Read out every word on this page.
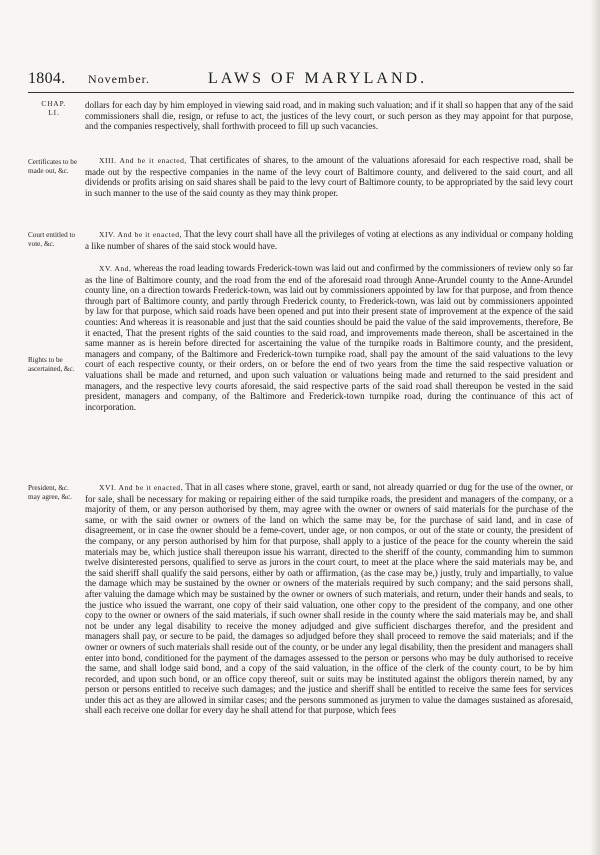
1804. November.	LAWS OF MARYLAND.
CHAP.
LI.
Certificates to be made out, &c.
Court entitled to vote, &c.
Rights to be ascertained, &c.
President, &c. may agree, &c.
dollars for each day by him employed in viewing said road, and in making such valuation; and if it shall so happen that any of the said commissioners shall die, resign, or refuse to act, the justices of the levy court, or such person as they may appoint for that purpose, and the companies respectively, shall forthwith proceed to fill up such vacancies.
XIII. And be it enacted, That certificates of shares, to the amount of the valuations aforesaid for each respective road, shall be made out by the respective companies in the name of the levy court of Baltimore county, and delivered to the said court, and all dividends or profits arising on said shares shall be paid to the levy court of Baltimore county, to be appropriated by the said levy court in such manner to the use of the said county as they may think proper.
XIV. And be it enacted, That the levy court shall have all the privileges of voting at elections as any individual or company holding a like number of shares of the said stock would have.
XV. And, whereas the road leading towards Frederick-town was laid out and confirmed by the commissioners of review only so far as the line of Baltimore county, and the road from the end of the aforesaid road through Anne-Arundel county to the Anne-Arundel county line, on a direction towards Frederick-town, was laid out by commissioners appointed by law for that purpose, and from thence through part of Baltimore county, and partly through Frederick county, to Frederick-town, was laid out by commissioners appointed by law for that purpose, which said roads have been opened and put into their present state of improvement at the expence of the said counties: And whereas it is reasonable and just that the said counties should be paid the value of the said improvements, therefore, Be it enacted, That the present rights of the said counties to the said road, and improvements made thereon, shall be ascertained in the same manner as is herein before directed for ascertaining the value of the turnpike roads in Baltimore county, and the president, managers and company, of the Baltimore and Frederick-town turnpike road, shall pay the amount of the said valuations to the levy court of each respective county, or their orders, on or before the end of two years from the time the said respective valuation or valuations shall be made and returned, and upon such valuation or valuations being made and returned to the said president and managers, and the respective levy courts aforesaid, the said respective parts of the said road shall thereupon be vested in the said president, managers and company, of the Baltimore and Frederick-town turnpike road, during the continuance of this act of incorporation.
XVI. And be it enacted, That in all cases where stone, gravel, earth or sand, not already quarried or dug for the use of the owner, or for sale, shall be necessary for making or repairing either of the said turnpike roads, the president and managers of the company, or a majority of them, or any person authorised by them, may agree with the owner or owners of said materials for the purchase of the same, or with the said owner or owners of the land on which the same may be, for the purchase of said land, and in case of disagreement, or in case the owner should be a feme-covert, under age, or non compos, or out of the state or county, the president of the company, or any person authorised by him for that purpose, shall apply to a justice of the peace for the county wherein the said materials may be, which justice shall thereupon issue his warrant, directed to the sheriff of the county, commanding him to summon twelve disinterested persons, qualified to serve as jurors in the court court, to meet at the place where the said materials may be, and the said sheriff shall qualify the said persons, either by oath or affirmation, (as the case may be,) justly, truly and impartially, to value the damage which may be sustained by the owner or owners of the materials required by such company; and the said persons shall, after valuing the damage which may be sustained by the owner or owners of such materials, and return, under their hands and seals, to the justice who issued the warrant, one copy of their said valuation, one other copy to the president of the company, and one other copy to the owner or owners of the said materials, if such owner shall reside in the county where the said materials may be, and shall not be under any legal disability to receive the money adjudged and give sufficient discharges therefor, and the president and managers shall pay, or secure to be paid, the damages so adjudged before they shall proceed to remove the said materials; and if the owner or owners of such materials shall reside out of the county, or be under any legal disability, then the president and managers shall enter into bond, conditioned for the payment of the damages assessed to the person or persons who may be duly authorised to receive the same, and shall lodge said bond, and a copy of the said valuation, in the office of the clerk of the county court, to be by him recorded, and upon such bond, or an office copy thereof, suit or suits may be instituted against the obligors therein named, by any person or persons entitled to receive such damages; and the justice and sheriff shall be entitled to receive the same fees for services under this act as they are allowed in similar cases; and the persons summoned as jurymen to value the damages sustained as aforesaid, shall each receive one dollar for every day he shall attend for that purpose, which fees
